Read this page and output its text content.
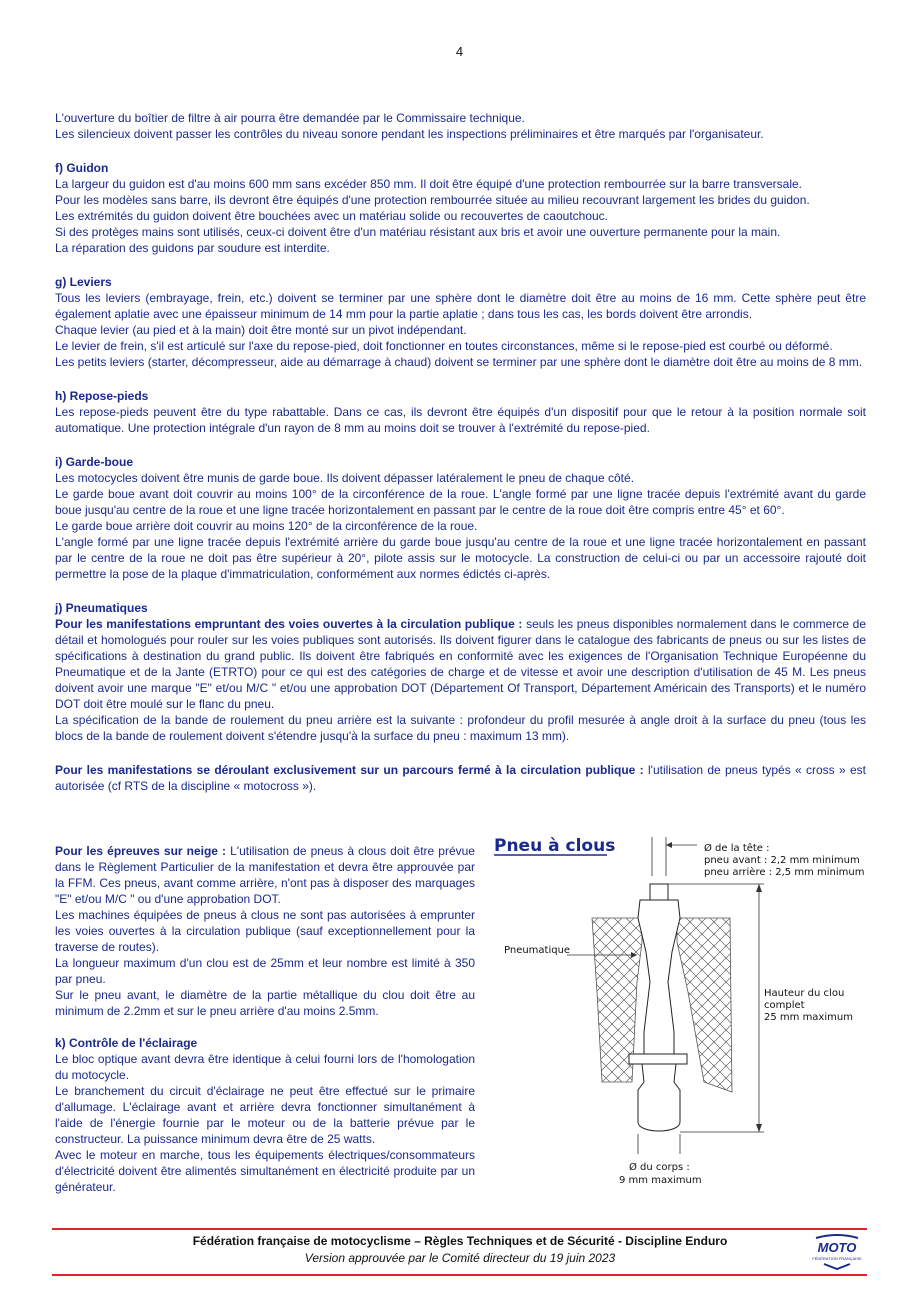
4

L'ouverture du boîtier de filtre à air pourra être demandée par le Commissaire technique.

Les silencieux doivent passer les contrôles du niveau sonore pendant les inspections préliminaires et être marqués par l'organisateur.

f) Guidon

La largeur du guidon est d'au moins 600 mm sans excéder 850 mm. Il doit être équipé d'une protection rembourrée sur la barre transversale.

Pour les modèles sans barre, ils devront être équipés d'une protection rembourrée située au milieu recouvrant largement les brides du guidon.

Les extrémités du guidon doivent être bouchées avec un matériau solide ou recouvertes de caoutchouc.

Si des protèges mains sont utilisés, ceux-ci doivent être d'un matériau résistant aux bris et avoir une ouverture permanente pour la main.

La réparation des guidons par soudure est interdite.

g) Leviers

Tous les leviers (embrayage, frein, etc.) doivent se terminer par une sphère dont le diamètre doit être au moins de 16 mm. Cette sphère peut être également aplatie avec une épaisseur minimum de 14 mm pour la partie aplatie ; dans tous les cas, les bords doivent être arrondis.

Chaque levier (au pied et à la main) doit être monté sur un pivot indépendant.

Le levier de frein, s'il est articulé sur l'axe du repose-pied, doit fonctionner en toutes circonstances, même si le repose-pied est courbé ou déformé.

Les petits leviers (starter, décompresseur, aide au démarrage à chaud) doivent se terminer par une sphère dont le diamètre doit être au moins de 8 mm.

h) Repose-pieds

Les repose-pieds peuvent être du type rabattable. Dans ce cas, ils devront être équipés d'un dispositif pour que le retour à la position normale soit automatique. Une protection intégrale d'un rayon de 8 mm au moins doit se trouver à l'extrémité du repose-pied.

i) Garde-boue

Les motocycles doivent être munis de garde boue. Ils doivent dépasser latéralement le pneu de chaque côté.

Le garde boue avant doit couvrir au moins 100° de la circonférence de la roue. L'angle formé par une ligne tracée depuis l'extrémité avant du garde boue jusqu'au centre de la roue et une ligne tracée horizontalement en passant par le centre de la roue doit être compris entre 45° et 60°.

Le garde boue arrière doit couvrir au moins 120° de la circonférence de la roue.

L'angle formé par une ligne tracée depuis l'extrémité arrière du garde boue jusqu'au centre de la roue et une ligne tracée horizontalement en passant par le centre de la roue ne doit pas être supérieur à 20°, pilote assis sur le motocycle. La construction de celui-ci ou par un accessoire rajouté doit permettre la pose de la plaque d'immatriculation, conformément aux normes édictés ci-après.

j) Pneumatiques

Pour les manifestations empruntant des voies ouvertes à la circulation publique : seuls les pneus disponibles normalement dans le commerce de détail et homologués pour rouler sur les voies publiques sont autorisés. Ils doivent figurer dans le catalogue des fabricants de pneus ou sur les listes de spécifications à destination du grand public. Ils doivent être fabriqués en conformité avec les exigences de l'Organisation Technique Européenne du Pneumatique et de la Jante (ETRTO) pour ce qui est des catégories de charge et de vitesse et avoir une description d'utilisation de 45 M. Les pneus doivent avoir une marque "E" et/ou M/C " et/ou une approbation DOT (Département Of Transport, Département Américain des Transports) et le numéro DOT doit être moulé sur le flanc du pneu.

La spécification de la bande de roulement du pneu arrière est la suivante : profondeur du profil mesurée à angle droit à la surface du pneu (tous les blocs de la bande de roulement doivent s'étendre jusqu'à la surface du pneu : maximum 13 mm).

Pour les manifestations se déroulant exclusivement sur un parcours fermé à la circulation publique : l'utilisation de pneus typés « cross » est autorisée (cf RTS de la discipline « motocross »).

Pour les épreuves sur neige : L'utilisation de pneus à clous doit être prévue dans le Règlement Particulier de la manifestation et devra être approuvée par la FFM. Ces pneus, avant comme arrière, n'ont pas à disposer des marquages "E" et/ou M/C " ou d'une approbation DOT.

Les machines équipées de pneus à clous ne sont pas autorisées à emprunter les voies ouvertes à la circulation publique (sauf exceptionnellement pour la traverse de routes).

La longueur maximum d'un clou est de 25mm et leur nombre est limité à 350 par pneu.

Sur le pneu avant, le diamètre de la partie métallique du clou doit être au minimum de 2.2mm et sur le pneu arrière d'au moins 2.5mm.

k) Contrôle de l'éclairage

Le bloc optique avant devra être identique à celui fourni lors de l'homologation du motocycle.

Le branchement du circuit d'éclairage ne peut être effectué sur le primaire d'allumage. L'éclairage avant et arrière devra fonctionner simultanément à l'aide de l'énergie fournie par le moteur ou de la batterie prévue par le constructeur. La puissance minimum devra être de 25 watts.

Avec le moteur en marche, tous les équipements électriques/consommateurs d'électricité doivent être alimentés simultanément en électricité produite par un générateur.

Pneu à clous	Ø de la tête :
pneu avant : 2,2 mm minimum
pneu arrière : 2,5 mm minimum
Pneumatique
Hauteur du clou
complet
25 mm maximum
Ø du corps :
9 mm maximum
Fédération française de motocyclisme – Règles Techniques et de Sécurité - Discipline Enduro
Version approuvée par le Comité directeur du 19 juin 2023
MOTO
FÉDÉRATION FRANÇAISE
